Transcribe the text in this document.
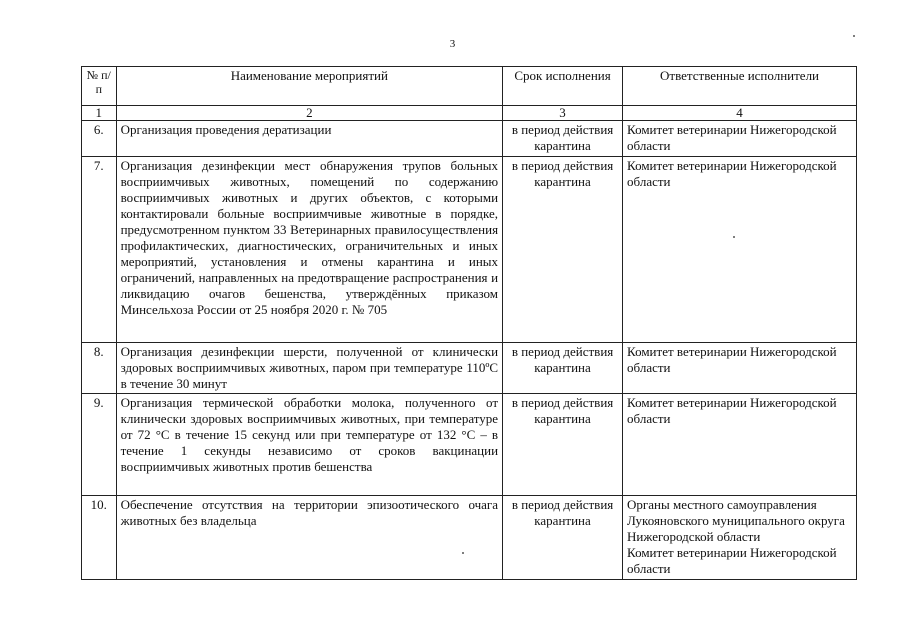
3
№ п/п	Наименование мероприятий	Срок исполнения	Ответственные исполнители
1	2	3	4
6.	Организация проведения дератизации	в период действия карантина	Комитет ветеринарии Нижегородской области

7.	Организация дезинфекции мест обнаружения трупов больных восприимчивых животных, помещений по содержанию восприимчивых животных и других объектов, с которыми контактировали больные восприимчивые животные в порядке, предусмотренном пунктом 33 Ветеринарных правилосуществления профилактических, диагностических, ограничительных и иных мероприятий, установления и отмены карантина и иных ограничений, направленных на предотвращение распространения и ликвидацию очагов бешенства, утверждённых приказом Минсельхоза России от 25 ноября 2020 г. № 705	в период действия карантина	Комитет ветеринарии Нижегородской области

8.	Организация дезинфекции шерсти, полученной от клинически здоровых восприимчивых животных, паром при температуре 110ºС в течение 30 минут	в период действия карантина	Комитет ветеринарии Нижегородской области

9.	Организация термической обработки молока, полученного от клинически здоровых восприимчивых животных, при температуре от 72 °С в течение 15 секунд или при температуре от 132 °С – в течение 1 секунды независимо от сроков вакцинации восприимчивых животных против бешенства	в период действия карантина	Комитет ветеринарии Нижегородской области

10.	Обеспечение отсутствия на территории эпизоотического очага животных без владельца	в период действия карантина	Органы местного самоуправления Лукояновского муниципального округа Нижегородской области
Комитет ветеринарии Нижегородской области
